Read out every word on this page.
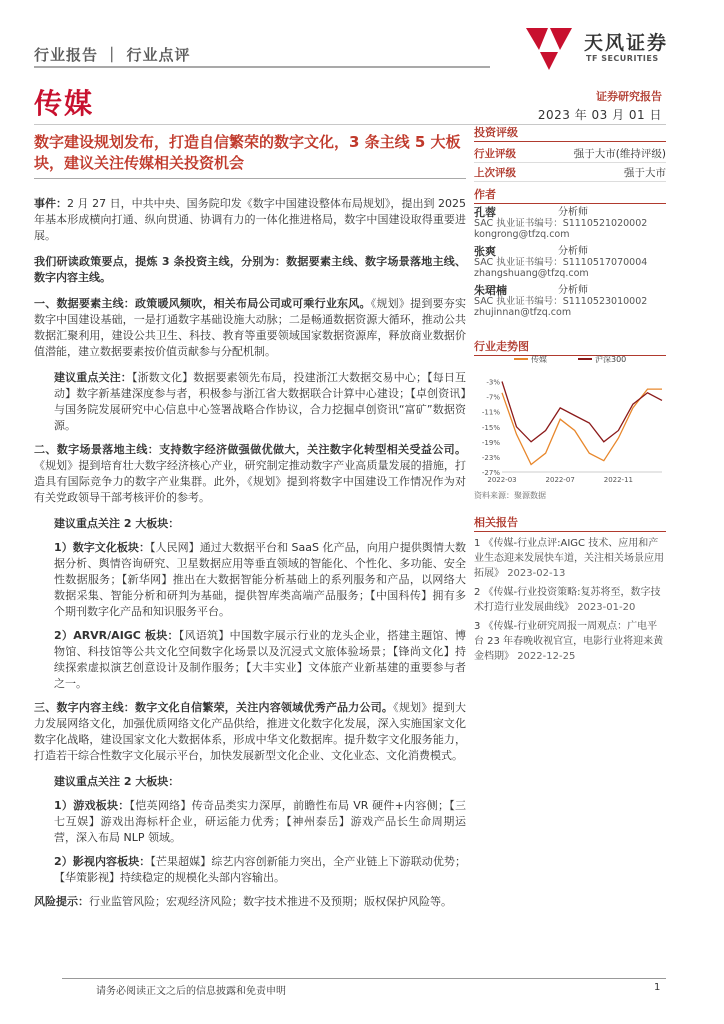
行业报告 ｜ 行业点评
天风证券
TF SECURITIES
传媒	证券研究报告
2023 年 03 月 01 日
数字建设规划发布，打造自信繁荣的数字文化，3 条主线 5 大板块，建议关注传媒相关投资机会
投资评级
行业评级	强于大市(维持评级)
上次评级	强于大市
作者
孔蓉	分析师
SAC 执业证书编号：S1110521020002
kongrong@tfzq.com
张爽	分析师
SAC 执业证书编号：S1110517070004
zhangshuang@tfzq.com
朱珺楠	分析师
SAC 执业证书编号：S1110523010002
zhujinnan@tfzq.com
行业走势图
传媒	沪深300
-3%
-7%
-11%
-15%
-19%
-23%
-27%
2022-03	2022-07	2022-11
资料来源：聚源数据
相关报告
1 《传媒-行业点评:AIGC 技术、应用和产业生态迎来发展快车道，关注相关场景应用拓展》 2023-02-13
2 《传媒-行业投资策略:复苏将至，数字技术打造行业发展曲线》 2023-01-20
3 《传媒-行业研究周报一周观点：广电平台 23 年春晚收视官宣，电影行业将迎来黄金档期》 2022-12-25
事件：2 月 27 日，中共中央、国务院印发《数字中国建设整体布局规划》，提出到 2025 年基本形成横向打通、纵向贯通、协调有力的一体化推进格局，数字中国建设取得重要进展。
我们研读政策要点，提炼 3 条投资主线，分别为：数据要素主线、数字场景落地主线、数字内容主线。
一、数据要素主线：政策暖风频吹，相关布局公司或可乘行业东风。《规划》提到要夯实数字中国建设基础，一是打通数字基础设施大动脉；二是畅通数据资源大循环，推动公共数据汇聚利用，建设公共卫生、科技、教育等重要领域国家数据资源库，释放商业数据价值潜能，建立数据要素按价值贡献参与分配机制。
建议重点关注：【浙数文化】数据要素领先布局，投建浙江大数据交易中心；【每日互动】数字新基建深度参与者，积极参与浙江省大数据联合计算中心建设；【卓创资讯】与国务院发展研究中心信息中心签署战略合作协议，合力挖掘卓创资讯“富矿”数据资源。
二、数字场景落地主线：支持数字经济做强做优做大，关注数字化转型相关受益公司。《规划》提到培育壮大数字经济核心产业，研究制定推动数字产业高质量发展的措施，打造具有国际竞争力的数字产业集群。此外，《规划》提到将数字中国建设工作情况作为对有关党政领导干部考核评价的参考。
建议重点关注 2 大板块：
1）数字文化板块：【人民网】通过大数据平台和 SaaS 化产品，向用户提供舆情大数据分析、舆情咨询研究、卫星数据应用等垂直领域的智能化、个性化、多功能、安全性数据服务；【新华网】推出在大数据智能分析基础上的系列服务和产品，以网络大数据采集、智能分析和研判为基础，提供智库类高端产品服务；【中国科传】拥有多个期刊数字化产品和知识服务平台。
2）ARVR/AIGC 板块：【风语筑】中国数字展示行业的龙头企业，搭建主题馆、博物馆、科技馆等公共文化空间数字化场景以及沉浸式文旅体验场景；【锋尚文化】持续探索虚拟演艺创意设计及制作服务；【大丰实业】文体旅产业新基建的重要参与者之一。
三、数字内容主线：数字文化自信繁荣，关注内容领域优秀产品力公司。《规划》提到大力发展网络文化，加强优质网络文化产品供给，推进文化数字化发展，深入实施国家文化数字化战略，建设国家文化大数据体系，形成中华文化数据库。提升数字文化服务能力，打造若干综合性数字文化展示平台，加快发展新型文化企业、文化业态、文化消费模式。
建议重点关注 2 大板块：
1）游戏板块：【恺英网络】传奇品类实力深厚，前瞻性布局 VR 硬件+内容侧；【三七互娱】游戏出海标杆企业，研运能力优秀；【神州泰岳】游戏产品长生命周期运营，深入布局 NLP 领域。
2）影视内容板块：【芒果超媒】综艺内容创新能力突出，全产业链上下游联动优势；【华策影视】持续稳定的规模化头部内容输出。
风险提示：行业监管风险；宏观经济风险；数字技术推进不及预期；版权保护风险等。
请务必阅读正文之后的信息披露和免责申明	1
